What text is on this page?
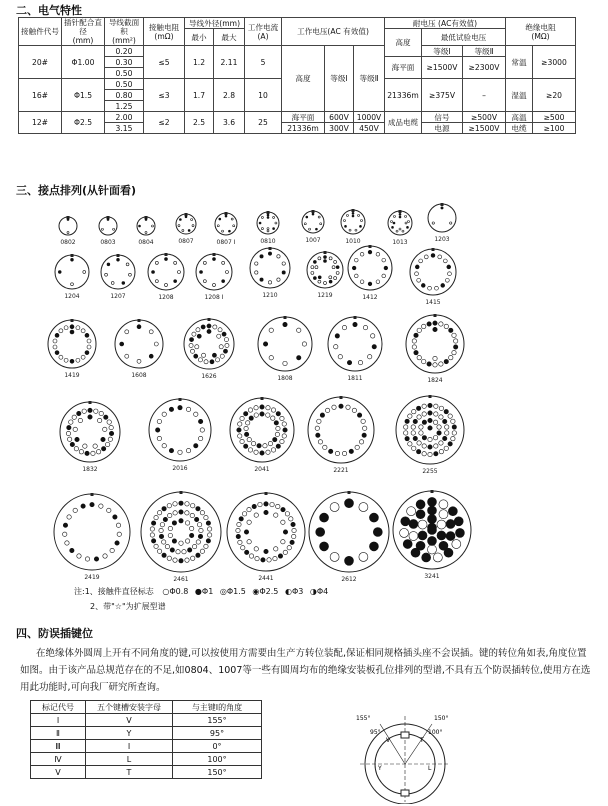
二、电气特性
接触件代号	插针配合直径
(mm)	导线截面积
(mm²)	接触电阻
(mΩ)	导线外径(mm)		工作电流
(A)	工作电压(AC 有效值)			耐电压 (AC有效值)			绝缘电阻
(MΩ)	
				最小	最大					高度	最低试验电压			
20#	Φ1.00	0.20	≤5	1.2	2.11	5	高度	等级Ⅰ	等级Ⅱ		等级Ⅰ	等级Ⅱ	常温	≥3000
		0.30								海平面	≥1500V	≥2300V		
		0.50												
16#	Φ1.5	0.50	≤3	1.7	2.8	10				21336m	≥375V	–	湿温	≥20
		0.80												
		1.25												
12#	Φ2.5	2.00	≤2	2.5	3.6	25	海平面	600V	1000V	成品电缆	信号	≥500V	高温	≥500
		3.15					21336m	300V	450V		电源	≥1500V	电缆	≥100
三、接点排列(从针面看)
0802	0803	0804	0807	0807 Ⅰ	0810	1007	1010	1013	1203
1204	1207	1208	1208 Ⅰ	1210	1219	1412
1415
1419	1608	1626	1808	1811	1824
1832	2016	2041	2221	2255
2419	2461	2441	2612	3241
注:1、接触件直径标志 ○Φ0.8 ●Φ1 ◎Φ1.5 ◉Φ2.5 ◐Φ3 ◑Φ4
2、带"☆"为扩展型谱
四、防误插键位
在绝缘体外圆周上开有不同角度的键,可以按使用方需要由生产方转位装配,保证相同规格插头座不会误插。键的转位角如表,角度位置如图。由于该产品总规范存在的不足,如0804、1007等一些有圆周均布的绝缘安装板孔位排列的型谱,不具有五个防误插转位,使用方在选用此功能时,可向我厂研究所查询。
标记代号	五个键槽安装字母	与主键Ⅰ的角度
Ⅰ	V	155°
Ⅱ	Y	95°
Ⅲ	Ⅰ	0°
Ⅳ	L	100°
V	T	150°
155°	150°
95°	100°
V
Y	L
T
